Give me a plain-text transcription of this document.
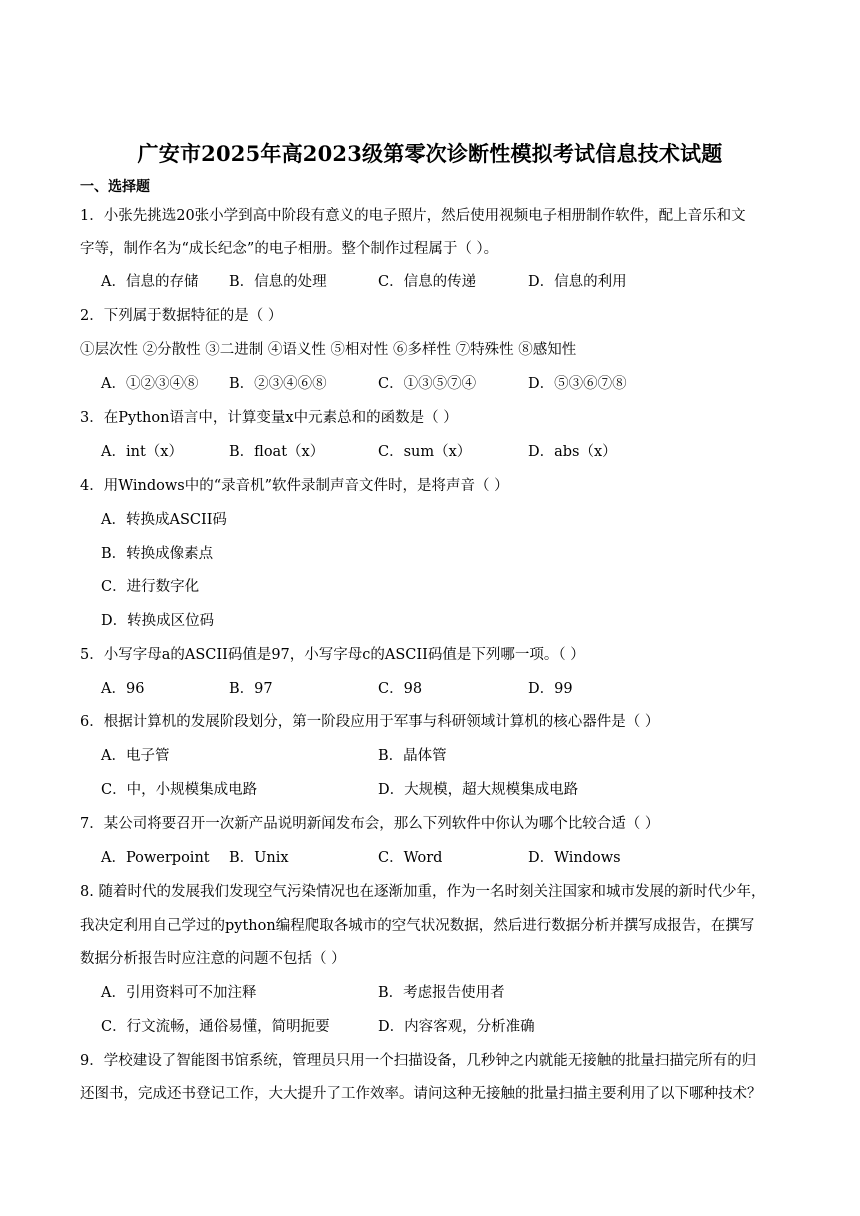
广安市2025年高2023级第零次诊断性模拟考试信息技术试题
一、选择题
1．小张先挑选20张小学到高中阶段有意义的电子照片，然后使用视频电子相册制作软件，配上音乐和文
字等，制作名为“成长纪念”的电子相册。整个制作过程属于（ ）。
A．信息的存储 B．信息的处理	C．信息的传递	D．信息的利用
2．下列属于数据特征的是（ ）
①层次性 ②分散性 ③二进制 ④语义性 ⑤相对性 ⑥多样性 ⑦特殊性 ⑧感知性
A．①②③④⑧ B．②③④⑥⑧	C．①③⑤⑦④	D．⑤③⑥⑦⑧
3．在Python语言中，计算变量x中元素总和的函数是（ ）
A．int（x）	B．float（x）	C．sum（x）	D．abs（x）
4．用Windows中的“录音机”软件录制声音文件时，是将声音（ ）
A．转换成ASCII码
B．转换成像素点
C．进行数字化
D．转换成区位码
5．小写字母a的ASCII码值是97，小写字母c的ASCII码值是下列哪一项。（ ）
A．96	B．97	C．98	D．99
6．根据计算机的发展阶段划分，第一阶段应用于军事与科研领域计算机的核心器件是（ ）
A．电子管	B．晶体管
C．中，小规模集成电路	D．大规模，超大规模集成电路
7．某公司将要召开一次新产品说明新闻发布会，那么下列软件中你认为哪个比较合适（ ）
A．Powerpoint B．Unix	C．Word	D．Windows
8. 随着时代的发展我们发现空气污染情况也在逐渐加重，作为一名时刻关注国家和城市发展的新时代少年，
我决定利用自己学过的python编程爬取各城市的空气状况数据，然后进行数据分析并撰写成报告，在撰写
数据分析报告时应注意的问题不包括（ ）
A．引用资料可不加注释	B．考虑报告使用者
C．行文流畅，通俗易懂，简明扼要	D．内容客观，分析准确
9．学校建设了智能图书馆系统，管理员只用一个扫描设备，几秒钟之内就能无接触的批量扫描完所有的归
还图书，完成还书登记工作，大大提升了工作效率。请问这种无接触的批量扫描主要利用了以下哪种技术？
